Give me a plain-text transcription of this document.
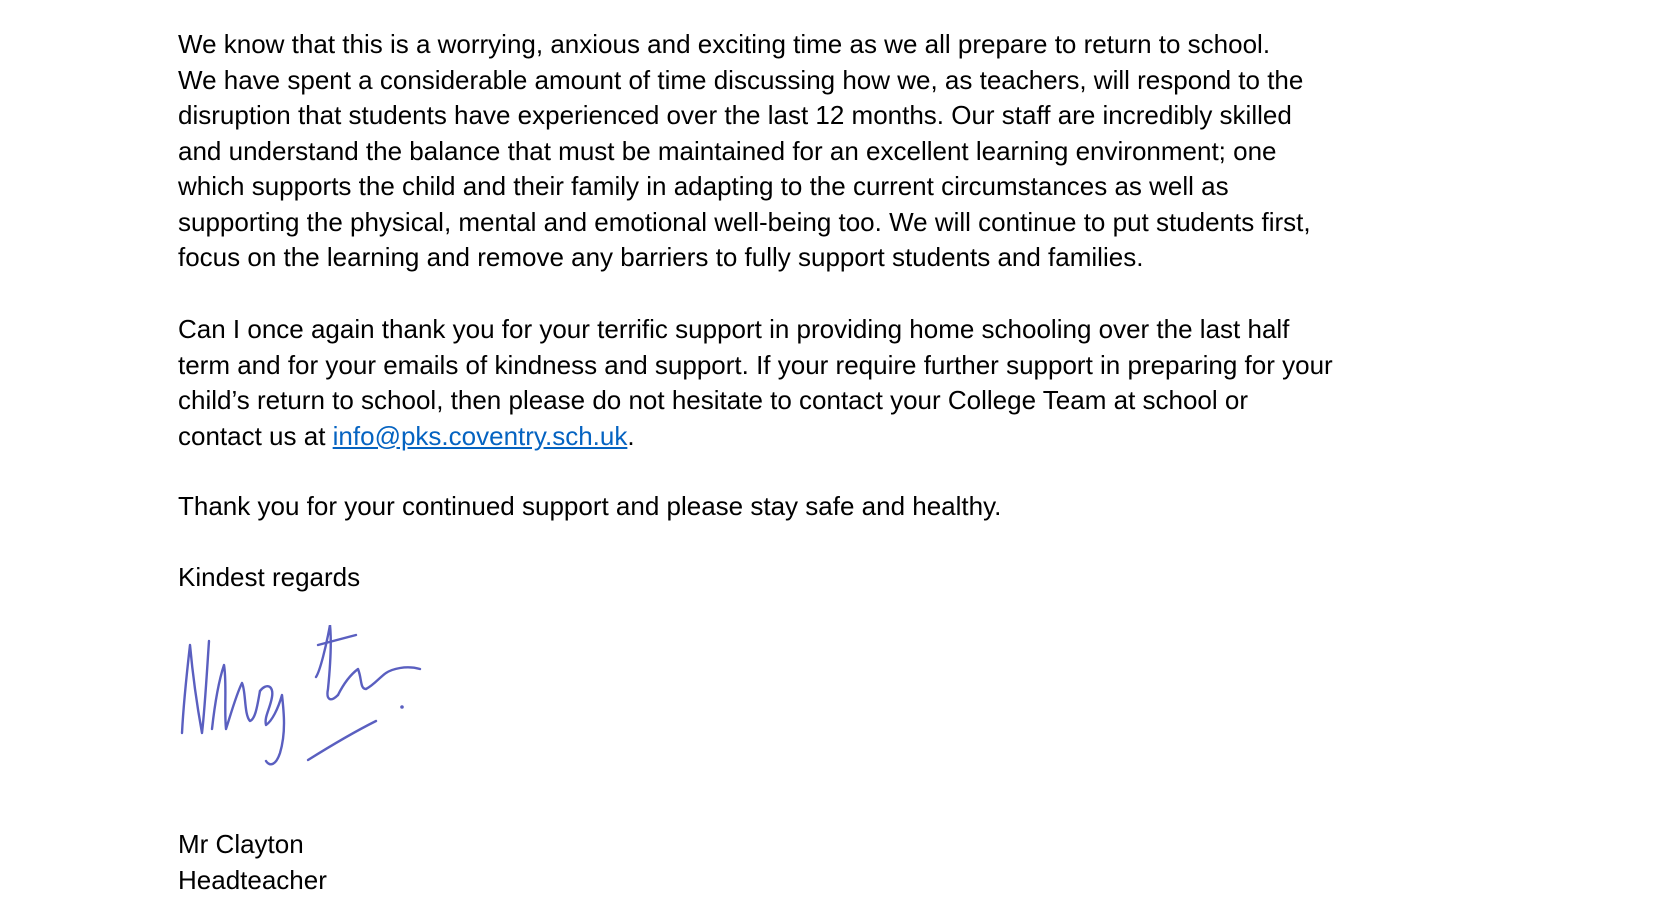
We know that this is a worrying, anxious and exciting time as we all prepare to return to school.
We have spent a considerable amount of time discussing how we, as teachers, will respond to the
disruption that students have experienced over the last 12 months. Our staff are incredibly skilled
and understand the balance that must be maintained for an excellent learning environment; one
which supports the child and their family in adapting to the current circumstances as well as
supporting the physical, mental and emotional well-being too. We will continue to put students first,
focus on the learning and remove any barriers to fully support students and families.
Can I once again thank you for your terrific support in providing home schooling over the last half
term and for your emails of kindness and support. If your require further support in preparing for your
child’s return to school, then please do not hesitate to contact your College Team at school or
contact us at info@pks.coventry.sch.uk.
Thank you for your continued support and please stay safe and healthy.
Kindest regards
Mr Clayton
Headteacher
